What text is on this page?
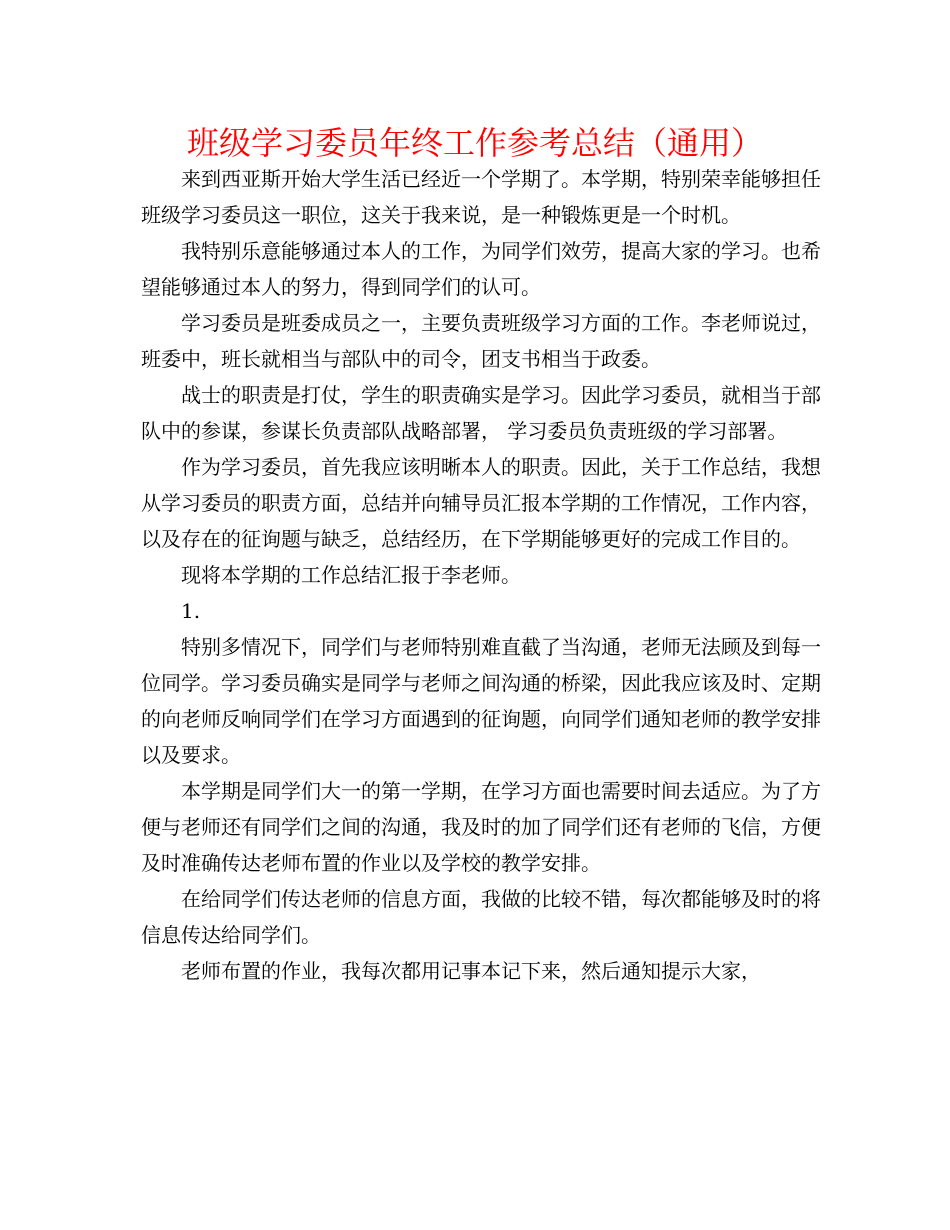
班级学习委员年终工作参考总结（通用）

来到西亚斯开始大学生活已经近一个学期了。本学期，特别荣幸能够担任班级学习委员这一职位，这关于我来说，是一种锻炼更是一个时机。

我特别乐意能够通过本人的工作，为同学们效劳，提高大家的学习。也希望能够通过本人的努力，得到同学们的认可。

学习委员是班委成员之一，主要负责班级学习方面的工作。李老师说过，班委中，班长就相当与部队中的司令，团支书相当于政委。

战士的职责是打仗，学生的职责确实是学习。因此学习委员，就相当于部队中的参谋，参谋长负责部队战略部署， 学习委员负责班级的学习部署。

作为学习委员，首先我应该明晰本人的职责。因此，关于工作总结，我想从学习委员的职责方面，总结并向辅导员汇报本学期的工作情况，工作内容，以及存在的征询题与缺乏，总结经历，在下学期能够更好的完成工作目的。

现将本学期的工作总结汇报于李老师。

1.

特别多情况下，同学们与老师特别难直截了当沟通，老师无法顾及到每一位同学。学习委员确实是同学与老师之间沟通的桥梁，因此我应该及时、定期的向老师反响同学们在学习方面遇到的征询题，向同学们通知老师的教学安排以及要求。

本学期是同学们大一的第一学期，在学习方面也需要时间去适应。为了方便与老师还有同学们之间的沟通，我及时的加了同学们还有老师的飞信，方便及时准确传达老师布置的作业以及学校的教学安排。

在给同学们传达老师的信息方面，我做的比较不错，每次都能够及时的将信息传达给同学们。

老师布置的作业，我每次都用记事本记下来，然后通知提示大家，
